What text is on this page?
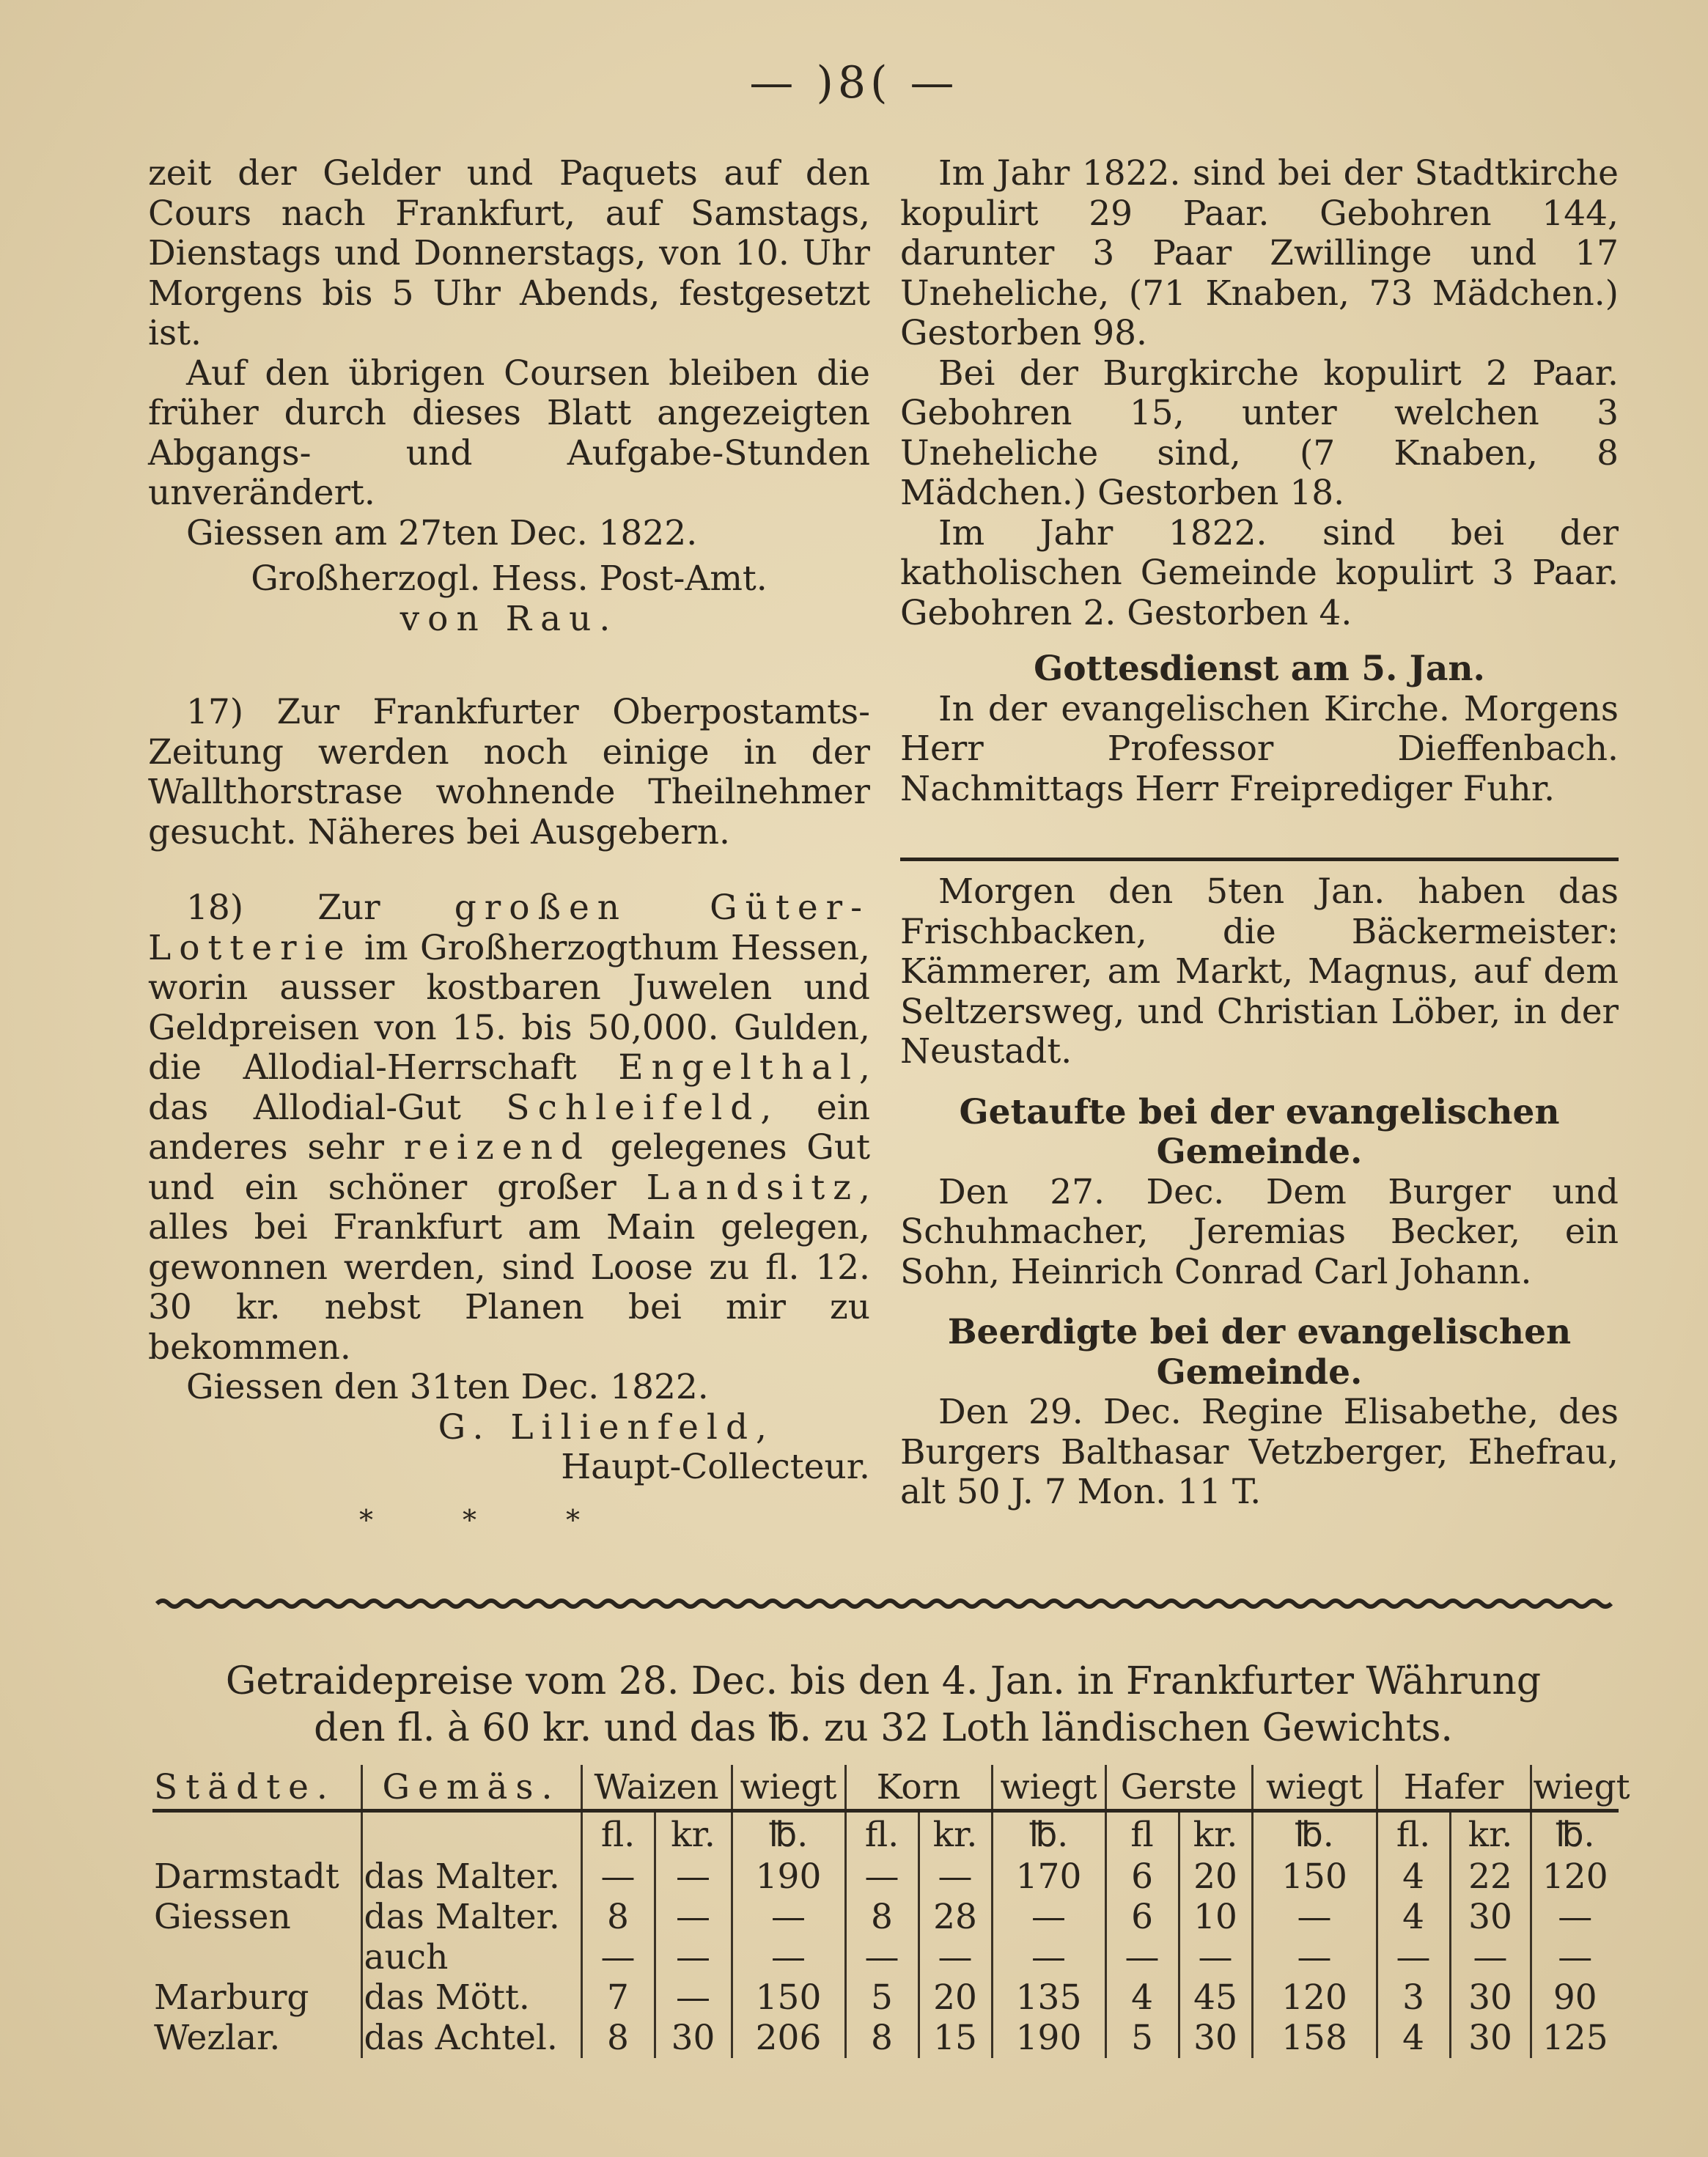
— )8( —

zeit der Gelder und Paquets auf den Cours nach Frankfurt, auf Samstags, Dienstags und Donnerstags, von 10. Uhr Morgens bis 5 Uhr Abends, festgesetzt ist.

Auf den übrigen Coursen bleiben die früher durch dieses Blatt angezeigten Abgangs- und Aufgabe-Stunden unverändert.

Giessen am 27ten Dec. 1822.

Großherzogl. Hess. Post-Amt.

von Rau.

17) Zur Frankfurter Oberpostamts-Zeitung werden noch einige in der Wallthorstrase wohnende Theilnehmer gesucht. Näheres bei Ausgebern.

18) Zur großen Güter-Lotterie im Großherzogthum Hessen, worin ausser kostbaren Juwelen und Geldpreisen von 15. bis 50,000. Gulden, die Allodial-Herrschaft Engelthal, das Allodial-Gut Schleifeld, ein anderes sehr reizend gelegenes Gut und ein schöner großer Landsitz, alles bei Frankfurt am Main gelegen, gewonnen werden, sind Loose zu fl. 12. 30 kr. nebst Planen bei mir zu bekommen.

Giessen den 31ten Dec. 1822.

G. Lilienfeld,

Haupt-Collecteur.

*	*	*

Im Jahr 1822. sind bei der Stadtkirche kopulirt 29 Paar. Gebohren 144, darunter 3 Paar Zwillinge und 17 Uneheliche, (71 Knaben, 73 Mädchen.) Gestorben 98.

Bei der Burgkirche kopulirt 2 Paar. Gebohren 15, unter welchen 3 Uneheliche sind, (7 Knaben, 8 Mädchen.) Gestorben 18.

Im Jahr 1822. sind bei der katholischen Gemeinde kopulirt 3 Paar. Gebohren 2. Gestorben 4.

Gottesdienst am 5. Jan.

In der evangelischen Kirche. Morgens Herr Professor Dieffenbach. Nachmittags Herr Freiprediger Fuhr.

Morgen den 5ten Jan. haben das Frischbacken, die Bäckermeister: Kämmerer, am Markt, Magnus, auf dem Seltzersweg, und Christian Löber, in der Neustadt.

Getaufte bei der evangelischen Gemeinde.

Den 27. Dec. Dem Burger und Schuhmacher, Jeremias Becker, ein Sohn, Heinrich Conrad Carl Johann.

Beerdigte bei der evangelischen Gemeinde.

Den 29. Dec. Regine Elisabethe, des Burgers Balthasar Vetzberger, Ehefrau, alt 50 J. 7 Mon. 11 T.

Getraidepreise vom 28. Dec. bis den 4. Jan. in Frankfurter Währung
den fl. à 60 kr. und das ℔. zu 32 Loth ländischen Gewichts.
Städte.	Gemäs.	Waizen		wiegt	Korn		wiegt	Gerste		wiegt	Hafer		wiegt
		fl.	kr.	℔.	fl.	kr.	℔.	fl	kr.	℔.	fl.	kr.	℔.
Darmstadt	das Malter.	—	—	190	—	—	170	6	20	150	4	22	120
Giessen	das Malter.	8	—	—	8	28	—	6	10	—	4	30	—
	auch	—	—	—	—	—	—	—	—	—	—	—	—
Marburg	das Mött.	7	—	150	5	20	135	4	45	120	3	30	90
Wezlar.	das Achtel.	8	30	206	8	15	190	5	30	158	4	30	125
